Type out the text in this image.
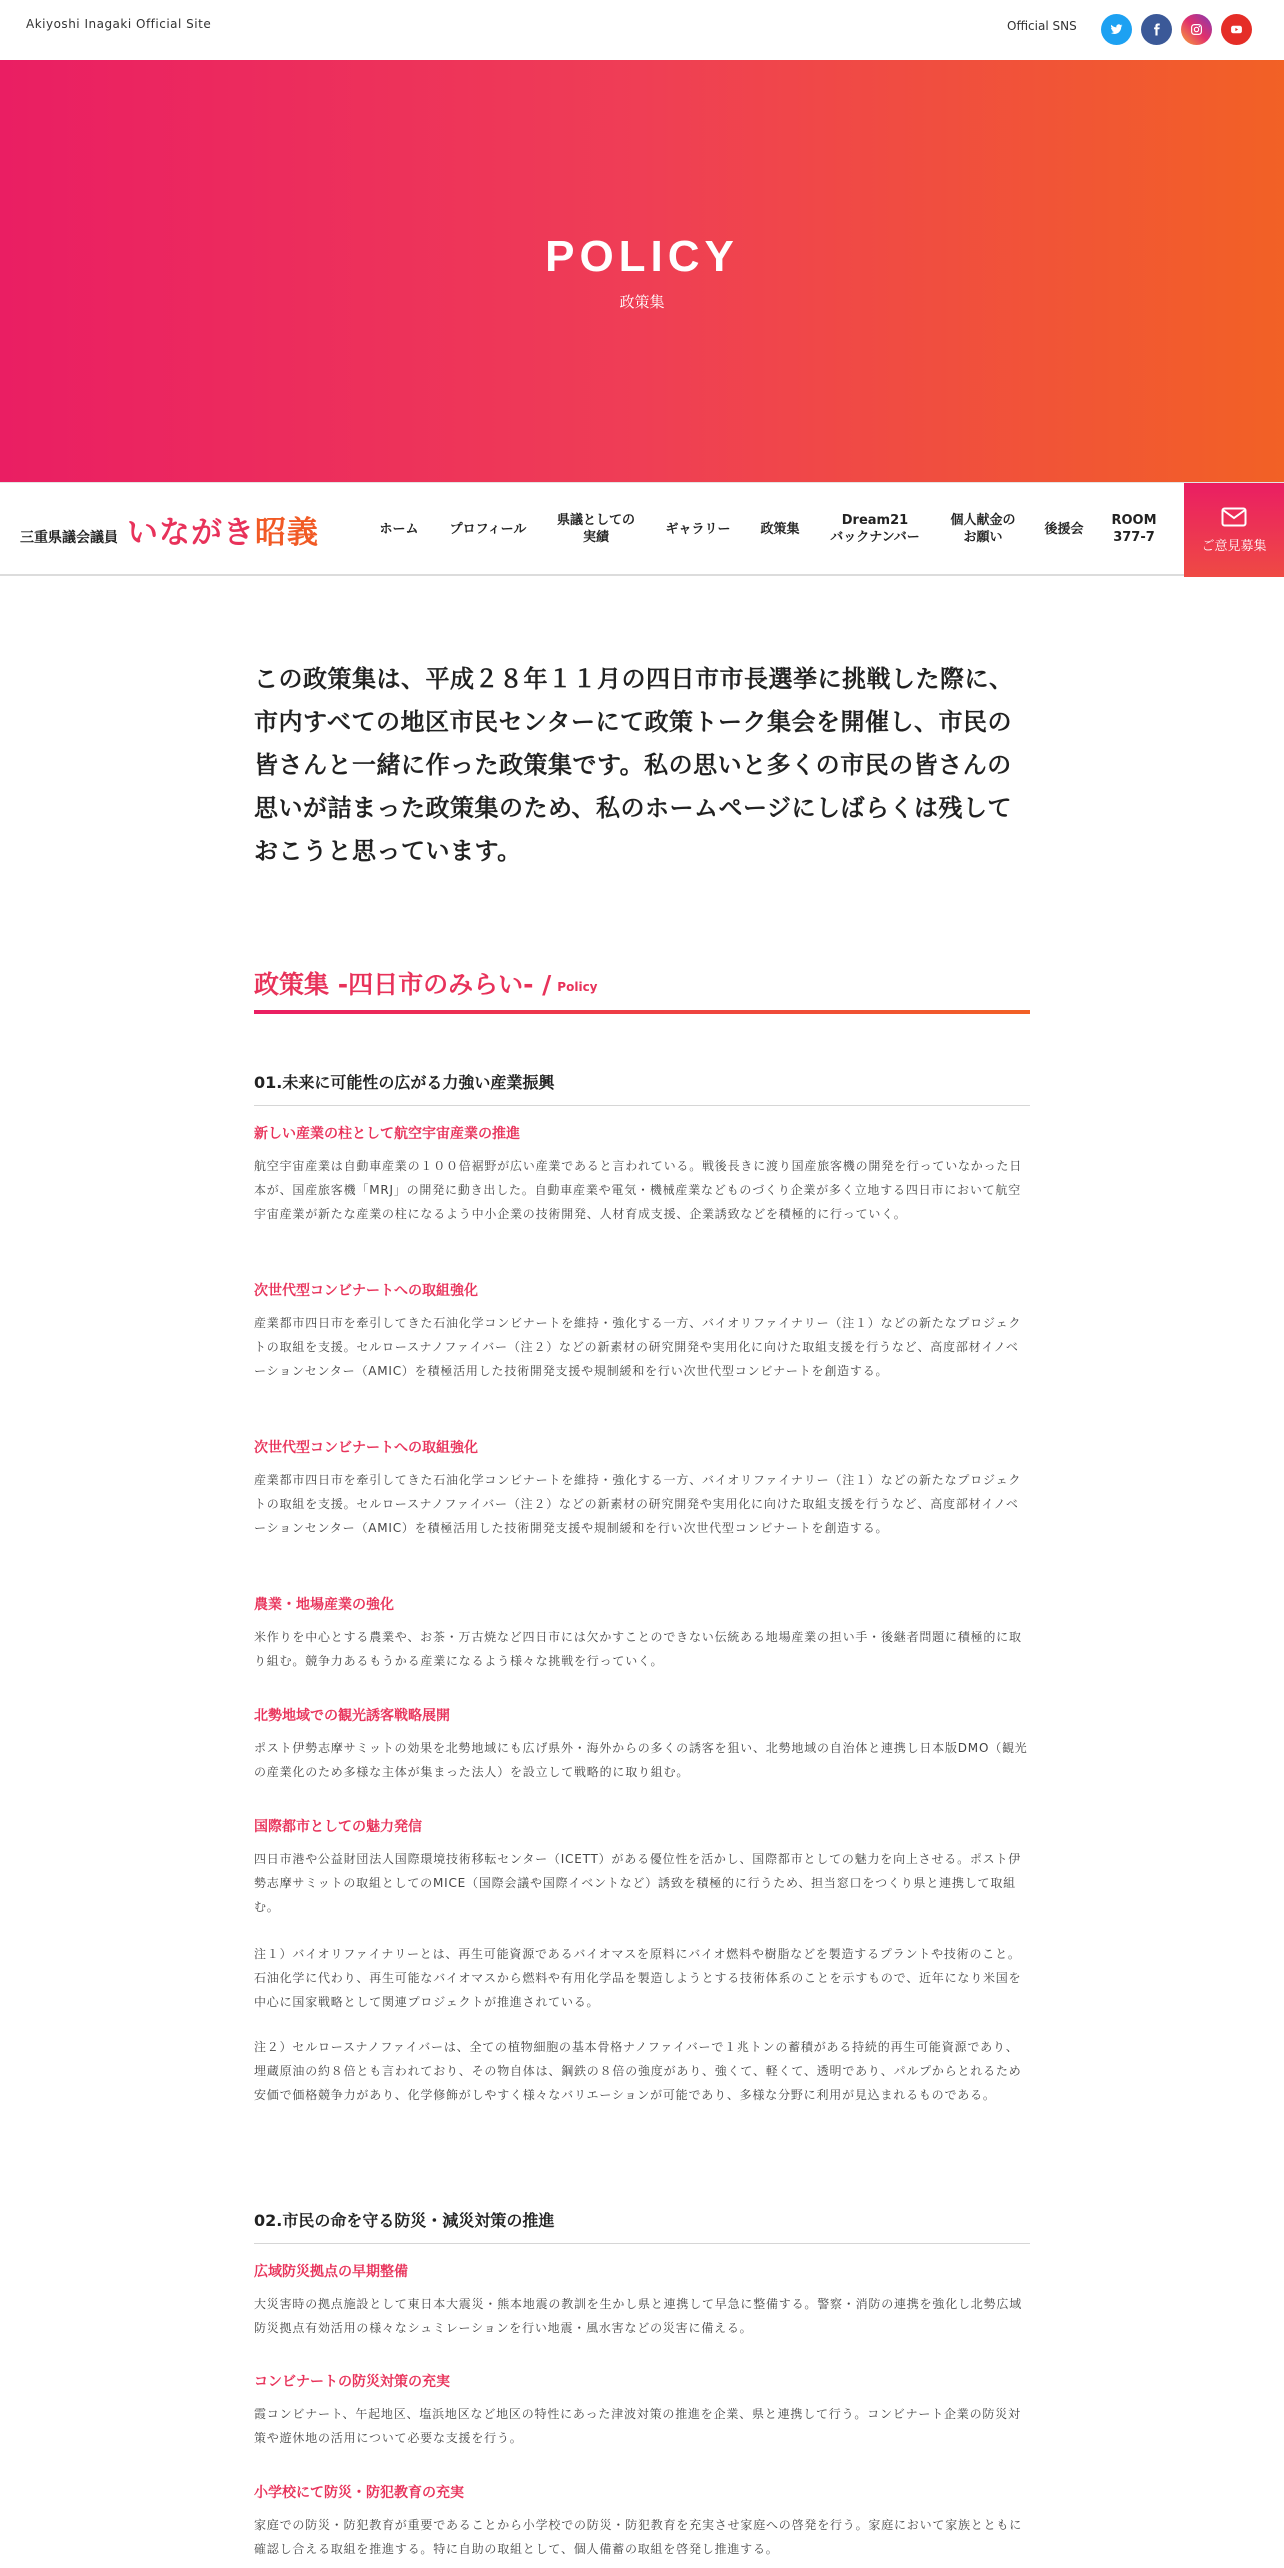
Akiyoshi Inagaki Official Site	Official SNS
POLICY
政策集
三重県議会議員 いながき昭義	ホーム	プロフィール
県議としての
実績
ギャラリー	政策集
Dream21
バックナンバー
個人献金の
お願い
後援会
ROOM
377-7
ご意見募集

この政策集は、平成２８年１１月の四日市市長選挙に挑戦した際に、市内すべての地区市民センターにて政策トーク集会を開催し、市民の皆さんと一緒に作った政策集です。私の思いと多くの市民の皆さんの思いが詰まった政策集のため、私のホームページにしばらくは残しておこうと思っています。

政策集 -四日市のみらい- / Policy
01.未来に可能性の広がる力強い産業振興
新しい産業の柱として航空宇宙産業の推進

航空宇宙産業は自動車産業の１００倍裾野が広い産業であると言われている。戦後長きに渡り国産旅客機の開発を行っていなかった日本が、国産旅客機「MRJ」の開発に動き出した。自動車産業や電気・機械産業などものづくり企業が多く立地する四日市において航空宇宙産業が新たな産業の柱になるよう中小企業の技術開発、人材育成支援、企業誘致などを積極的に行っていく。

次世代型コンビナートへの取組強化

産業都市四日市を牽引してきた石油化学コンビナートを維持・強化する一方、バイオリファイナリー（注１）などの新たなプロジェクトの取組を支援。セルロースナノファイバー（注２）などの新素材の研究開発や実用化に向けた取組支援を行うなど、高度部材イノベーションセンター（AMIC）を積極活用した技術開発支援や規制緩和を行い次世代型コンビナートを創造する。

次世代型コンビナートへの取組強化

産業都市四日市を牽引してきた石油化学コンビナートを維持・強化する一方、バイオリファイナリー（注１）などの新たなプロジェクトの取組を支援。セルロースナノファイバー（注２）などの新素材の研究開発や実用化に向けた取組支援を行うなど、高度部材イノベーションセンター（AMIC）を積極活用した技術開発支援や規制緩和を行い次世代型コンビナートを創造する。

農業・地場産業の強化

米作りを中心とする農業や、お茶・万古焼など四日市には欠かすことのできない伝統ある地場産業の担い手・後継者問題に積極的に取り組む。競争力あるもうかる産業になるよう様々な挑戦を行っていく。

北勢地域での観光誘客戦略展開

ポスト伊勢志摩サミットの効果を北勢地域にも広げ県外・海外からの多くの誘客を狙い、北勢地域の自治体と連携し日本版DMO（観光の産業化のため多様な主体が集まった法人）を設立して戦略的に取り組む。

国際都市としての魅力発信

四日市港や公益財団法人国際環境技術移転センター（ICETT）がある優位性を活かし、国際都市としての魅力を向上させる。ポスト伊勢志摩サミットの取組としてのMICE（国際会議や国際イベントなど）誘致を積極的に行うため、担当窓口をつくり県と連携して取組む。

注１）バイオリファイナリーとは、再生可能資源であるバイオマスを原料にバイオ燃料や樹脂などを製造するプラントや技術のこと。 石油化学に代わり、再生可能なバイオマスから燃料や有用化学品を製造しようとする技術体系のことを示すもので、近年になり米国を中心に国家戦略として関連プロジェクトが推進されている。

注２）セルロースナノファイバーは、全ての植物細胞の基本骨格ナノファイバーで１兆トンの蓄積がある持続的再生可能資源であり、埋蔵原油の約８倍とも言われており、その物自体は、鋼鉄の８倍の強度があり、強くて、軽くて、透明であり、パルプからとれるため安価で価格競争力があり、化学修飾がしやすく様々なバリエーションが可能であり、多様な分野に利用が見込まれるものである。

02.市民の命を守る防災・減災対策の推進
広域防災拠点の早期整備

大災害時の拠点施設として東日本大震災・熊本地震の教訓を生かし県と連携して早急に整備する。警察・消防の連携を強化し北勢広域防災拠点有効活用の様々なシュミレーションを行い地震・風水害などの災害に備える。

コンビナートの防災対策の充実

霞コンビナート、午起地区、塩浜地区など地区の特性にあった津波対策の推進を企業、県と連携して行う。コンビナート企業の防災対策や遊休地の活用について必要な支援を行う。

小学校にて防災・防犯教育の充実

家庭での防災・防犯教育が重要であることから小学校での防災・防犯教育を充実させ家庭への啓発を行う。家庭において家族とともに確認し合える取組を推進する。特に自助の取組として、個人備蓄の取組を啓発し推進する。
